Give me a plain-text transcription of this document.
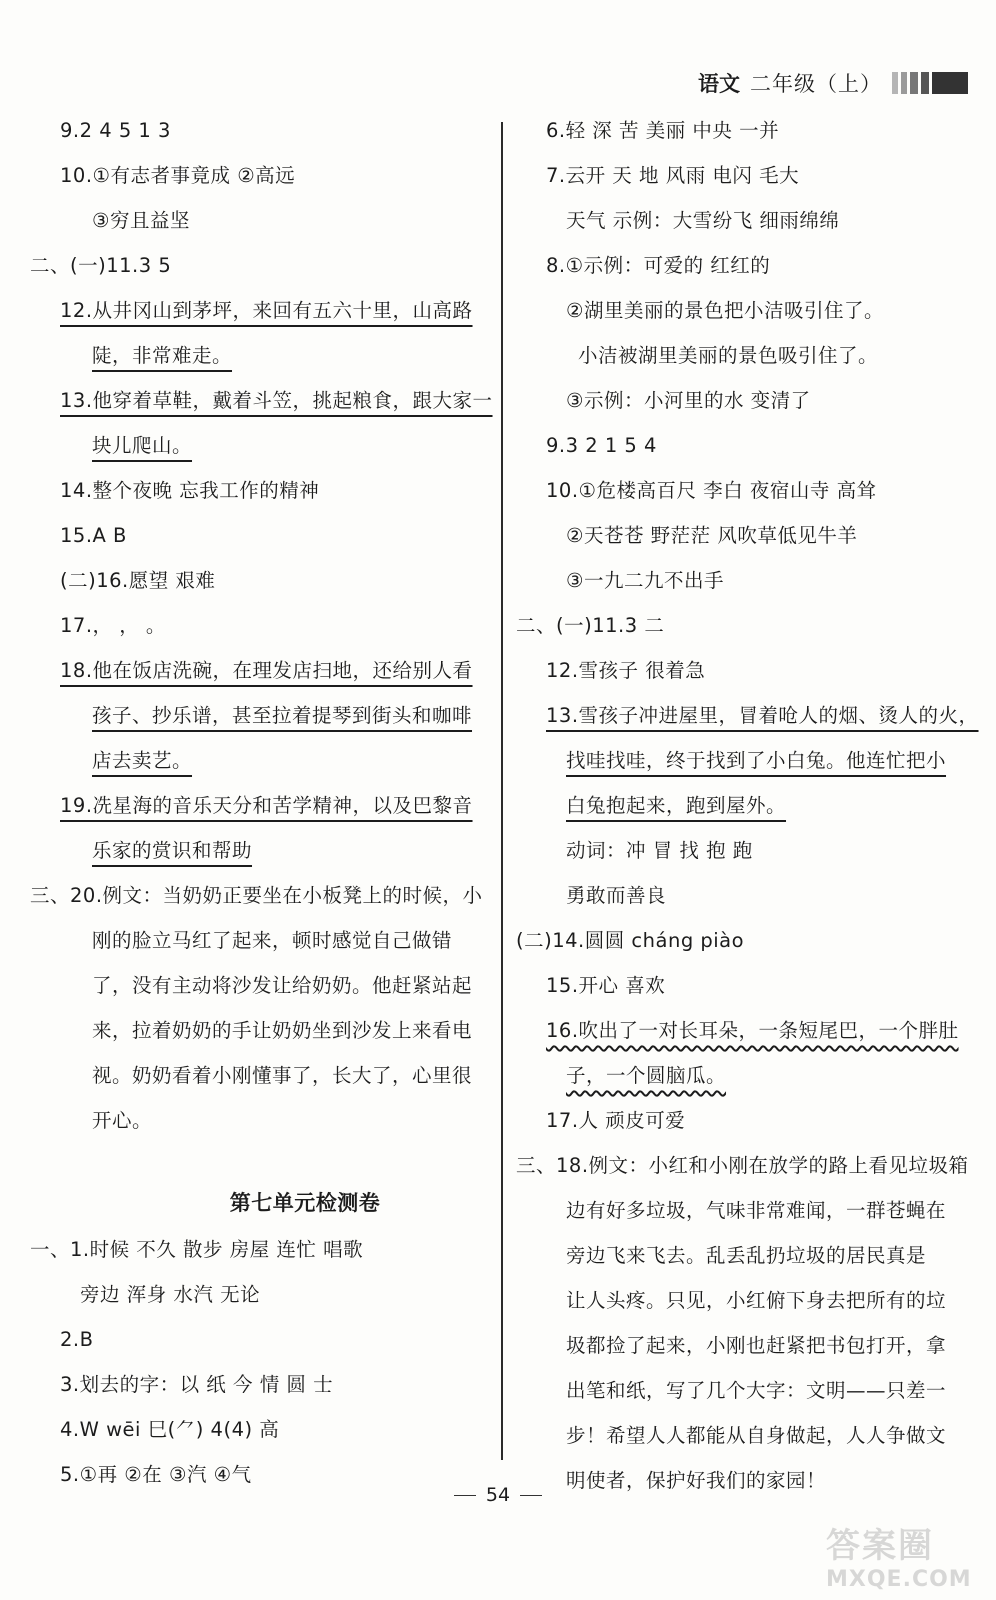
语文 二年级（上）
9.2 4 5 1 3
10.①有志者事竟成 ②高远
③穷且益坚
二、(一)11.3 5
12.从井冈山到茅坪，来回有五六十里，山高路
陡，非常难走。
13.他穿着草鞋，戴着斗笠，挑起粮食，跟大家一
块儿爬山。
14.整个夜晚 忘我工作的精神
15.A B
(二)16.愿望 艰难
17.， ， 。
18.他在饭店洗碗，在理发店扫地，还给别人看
孩子、抄乐谱，甚至拉着提琴到街头和咖啡
店去卖艺。
19.冼星海的音乐天分和苦学精神，以及巴黎音
乐家的赏识和帮助
三、20.例文：当奶奶正要坐在小板凳上的时候，小
刚的脸立马红了起来，顿时感觉自己做错
了，没有主动将沙发让给奶奶。他赶紧站起
来，拉着奶奶的手让奶奶坐到沙发上来看电
视。奶奶看着小刚懂事了，长大了，心里很
开心。
第七单元检测卷
一、1.时候 不久 散步 房屋 连忙 唱歌
旁边 浑身 水汽 无论
2.B
3.划去的字：以 纸 今 情 圆 士
4.W wēi 巳(⺈) 4(4) 高
5.①再 ②在 ③汽 ④气
6.轻 深 苦 美丽 中央 一并
7.云开 天 地 风雨 电闪 毛大
天气 示例：大雪纷飞 细雨绵绵
8.①示例：可爱的 红红的
②湖里美丽的景色把小洁吸引住了。
小洁被湖里美丽的景色吸引住了。
③示例：小河里的水 变清了
9.3 2 1 5 4
10.①危楼高百尺 李白 夜宿山寺 高耸
②天苍苍 野茫茫 风吹草低见牛羊
③一九二九不出手
二、(一)11.3 二
12.雪孩子 很着急
13.雪孩子冲进屋里，冒着呛人的烟、烫人的火，
找哇找哇，终于找到了小白兔。他连忙把小
白兔抱起来，跑到屋外。
动词：冲 冒 找 抱 跑
勇敢而善良
(二)14.圆圆 cháng piào
15.开心 喜欢
16.吹出了一对长耳朵，一条短尾巴，一个胖肚
子，一个圆脑瓜。
17.人 顽皮可爱
三、18.例文：小红和小刚在放学的路上看见垃圾箱
边有好多垃圾，气味非常难闻，一群苍蝇在
旁边飞来飞去。乱丢乱扔垃圾的居民真是
让人头疼。只见，小红俯下身去把所有的垃
圾都捡了起来，小刚也赶紧把书包打开，拿
出笔和纸，写了几个大字：文明——只差一
步！希望人人都能从自身做起，人人争做文
明使者，保护好我们的家园！
54
答案圈
MXQE.COM
